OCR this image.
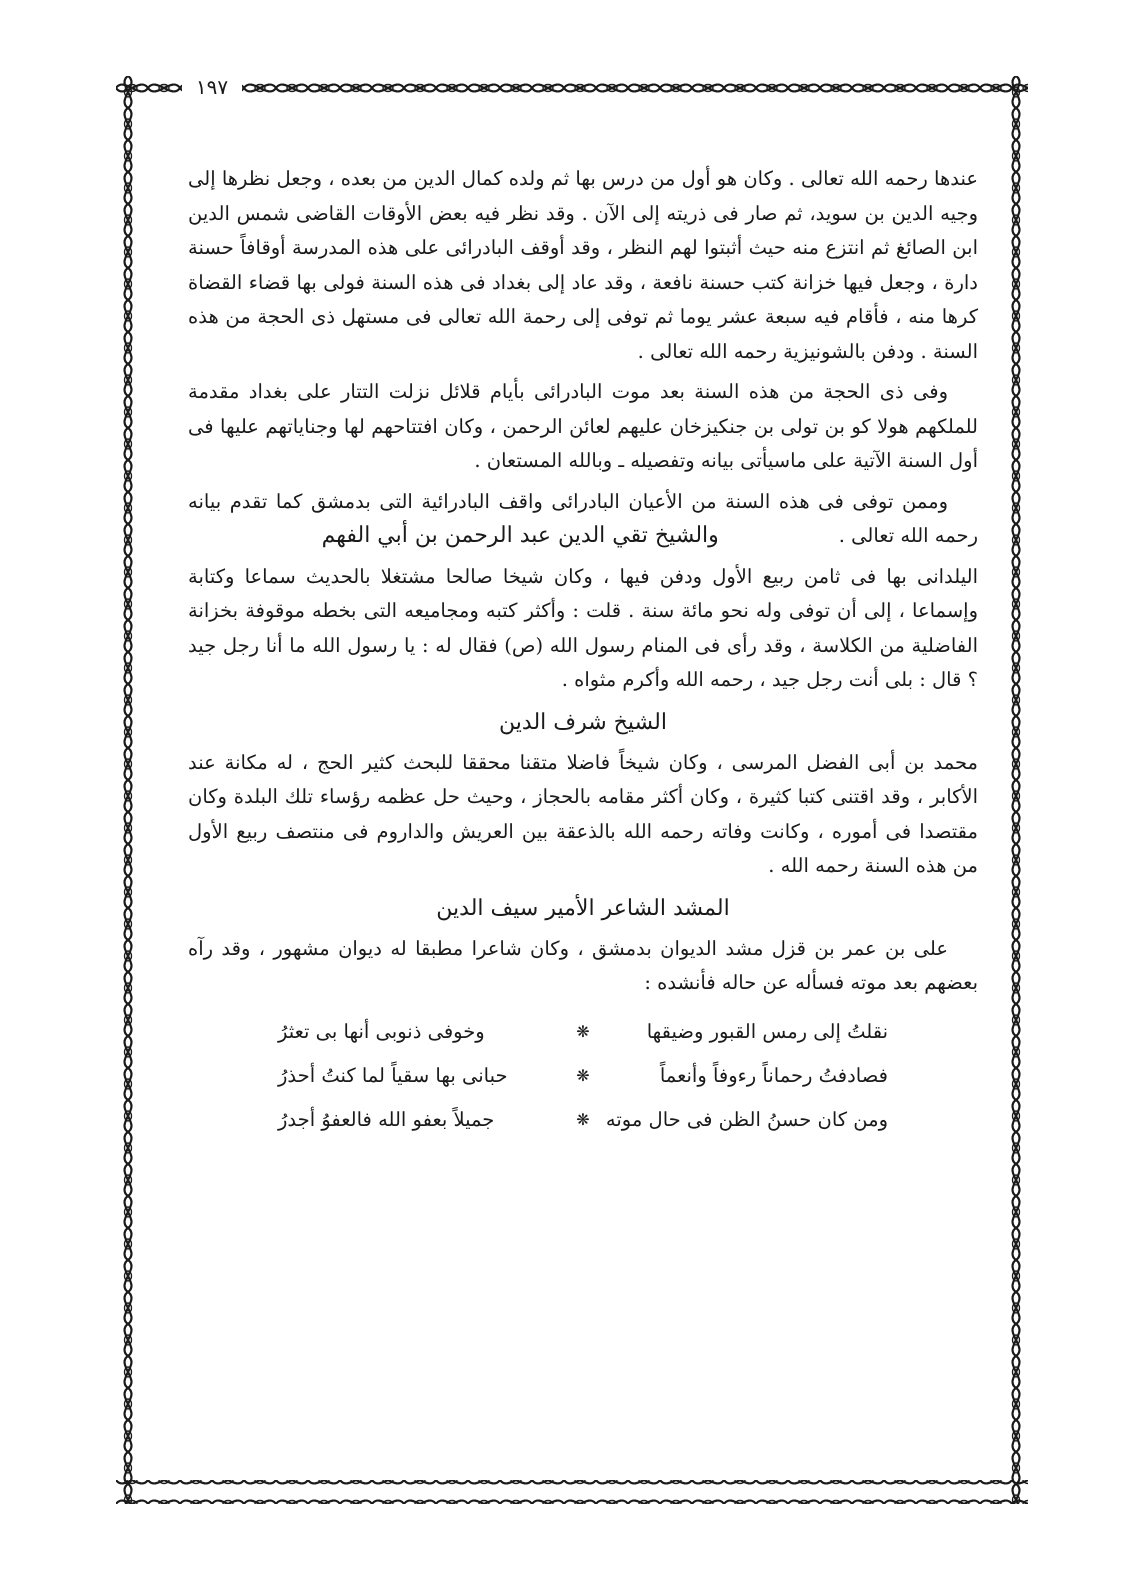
١٩٧

عندها رحمه الله تعالى . وكان هو أول من درس بها ثم ولده كمال الدين من بعده ، وجعل نظرها إلى وجيه الدين بن سويد، ثم صار فى ذريته إلى الآن . وقد نظر فيه بعض الأوقات القاضى شمس الدين ابن الصائغ ثم انتزع منه حيث أثبتوا لهم النظر ، وقد أوقف البادرائى على هذه المدرسة أوقافاً حسنة دارة ، وجعل فيها خزانة كتب حسنة نافعة ، وقد عاد إلى بغداد فى هذه السنة فولى بها قضاء القضاة كرها منه ، فأقام فيه سبعة عشر يوما ثم توفى إلى رحمة الله تعالى فى مستهل ذى الحجة من هذه السنة . ودفن بالشونيزية رحمه الله تعالى .

وفى ذى الحجة من هذه السنة بعد موت البادرائى بأيام قلائل نزلت التتار على بغداد مقدمة للملكهم هولا كو بن تولى بن جنكيزخان عليهم لعائن الرحمن ، وكان افتتاحهم لها وجناياتهم عليها فى أول السنة الآتية على ماسيأتى بيانه وتفصيله ـ وبالله المستعان .

وممن توفى فى هذه السنة من الأعيان البادرائى واقف البادرائية التى بدمشق كما تقدم بيانه رحمه الله تعالى .والشيخ تقي الدين عبد الرحمن بن أبي الفهم

اليلدانى بها فى ثامن ربيع الأول ودفن فيها ، وكان شيخا صالحا مشتغلا بالحديث سماعا وكتابة وإسماعا ، إلى أن توفى وله نحو مائة سنة . قلت : وأكثر كتبه ومجاميعه التى بخطه موقوفة بخزانة الفاضلية من الكلاسة ، وقد رأى فى المنام رسول الله (ص) فقال له : يا رسول الله ما أنا رجل جيد ؟ قال : بلى أنت رجل جيد ، رحمه الله وأكرم مثواه .

الشيخ شرف الدين

محمد بن أبى الفضل المرسى ، وكان شيخاً فاضلا متقنا محققا للبحث كثير الحج ، له مكانة عند الأكابر ، وقد اقتنى كتبا كثيرة ، وكان أكثر مقامه بالحجاز ، وحيث حل عظمه رؤساء تلك البلدة وكان مقتصدا فى أموره ، وكانت وفاته رحمه الله بالذعقة بين العريش والداروم فى منتصف ربيع الأول من هذه السنة رحمه الله .

المشد الشاعر الأمير سيف الدين

على بن عمر بن قزل مشد الديوان بدمشق ، وكان شاعرا مطبقا له ديوان مشهور ، وقد رآه بعضهم بعد موته فسأله عن حاله فأنشده :

نقلتُ إلى رمس القبور وضيقها
❋
وخوفى ذنوبى أنها بى تعثرُ
فصادفتُ رحماناً رءوفاً وأنعماً
❋
حبانى بها سقياً لما كنتُ أحذرُ
ومن كان حسنُ الظن فى حال موته
❋
جميلاً بعفو الله فالعفوُ أجدرُ
